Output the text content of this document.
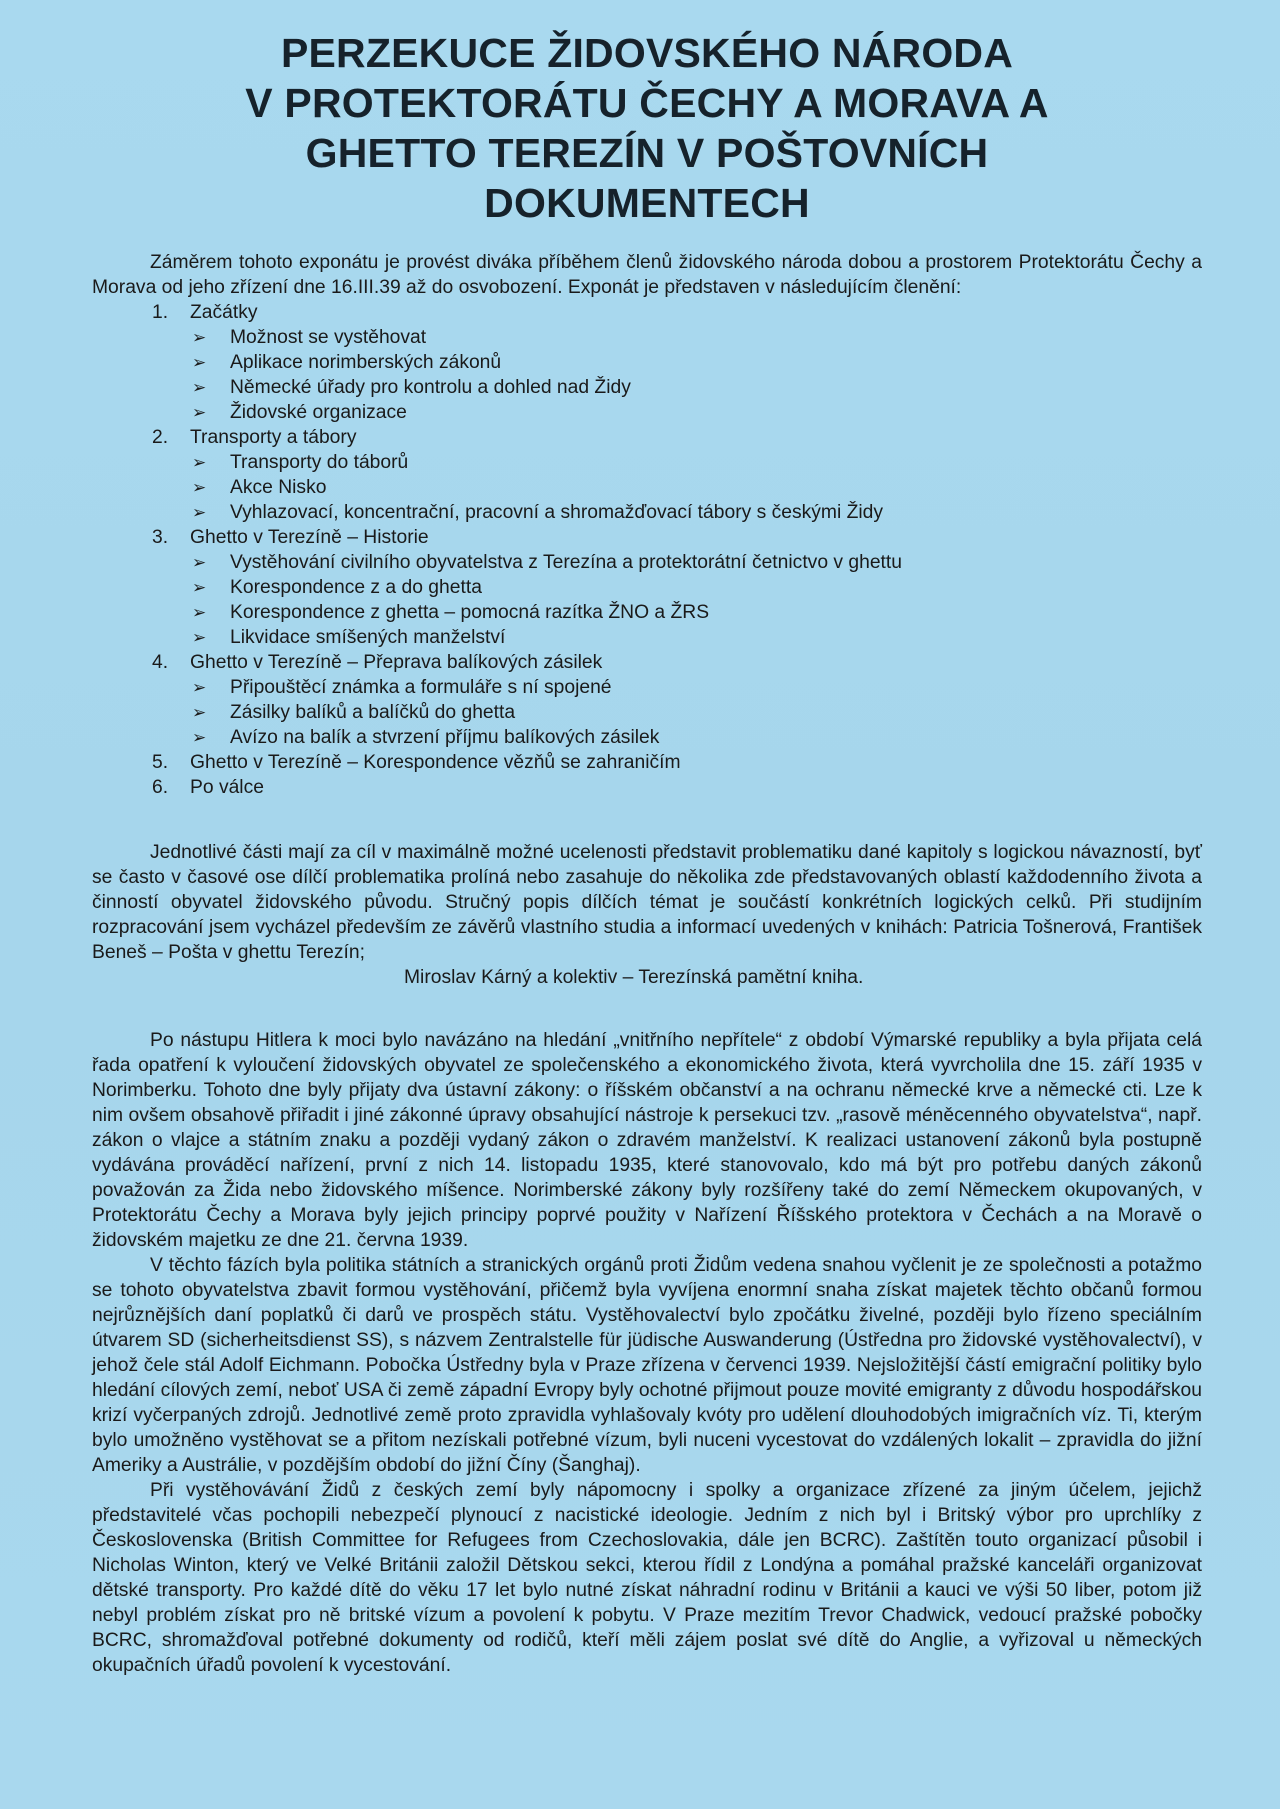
PERZEKUCE ŽIDOVSKÉHO NÁRODA
V PROTEKTORÁTU ČECHY A MORAVA A
GHETTO TEREZÍN V POŠTOVNÍCH
DOKUMENTECH

Záměrem tohoto exponátu je provést diváka příběhem členů židovského národa dobou a prostorem Protektorátu Čechy a Morava od jeho zřízení dne 16.III.39 až do osvobození. Exponát je představen v následujícím členění:

1.	Začátky
➢ Možnost se vystěhovat
➢ Aplikace norimberských zákonů
➢ Německé úřady pro kontrolu a dohled nad Židy
➢ Židovské organizace
2.	Transporty a tábory
➢ Transporty do táborů
➢ Akce Nisko
➢ Vyhlazovací, koncentrační, pracovní a shromažďovací tábory s českými Židy
3.	Ghetto v Terezíně – Historie
➢ Vystěhování civilního obyvatelstva z Terezína a protektorátní četnictvo v ghettu
➢ Korespondence z a do ghetta
➢ Korespondence z ghetta – pomocná razítka ŽNO a ŽRS
➢ Likvidace smíšených manželství
4.	Ghetto v Terezíně – Přeprava balíkových zásilek
➢ Připouštěcí známka a formuláře s ní spojené
➢ Zásilky balíků a balíčků do ghetta
➢ Avízo na balík a stvrzení příjmu balíkových zásilek
5.	Ghetto v Terezíně – Korespondence vězňů se zahraničím
6.	Po válce

Jednotlivé části mají za cíl v maximálně možné ucelenosti představit problematiku dané kapitoly s logickou návazností, byť se často v časové ose dílčí problematika prolíná nebo zasahuje do několika zde představovaných oblastí každodenního života a činností obyvatel židovského původu. Stručný popis dílčích témat je součástí konkrétních logických celků. Při studijním rozpracování jsem vycházel především ze závěrů vlastního studia a informací uvedených v knihách: Patricia Tošnerová, František Beneš – Pošta v ghettu Terezín;

Miroslav Kárný a kolektiv – Terezínská pamětní kniha.

Po nástupu Hitlera k moci bylo navázáno na hledání „vnitřního nepřítele“ z období Výmarské republiky a byla přijata celá řada opatření k vyloučení židovských obyvatel ze společenského a ekonomického života, která vyvrcholila dne 15. září 1935 v Norimberku. Tohoto dne byly přijaty dva ústavní zákony: o říšském občanství a na ochranu německé krve a německé cti. Lze k nim ovšem obsahově přiřadit i jiné zákonné úpravy obsahující nástroje k persekuci tzv. „rasově méněcenného obyvatelstva“, např. zákon o vlajce a státním znaku a později vydaný zákon o zdravém manželství. K realizaci ustanovení zákonů byla postupně vydávána prováděcí nařízení, první z nich 14. listopadu 1935, které stanovovalo, kdo má být pro potřebu daných zákonů považován za Žida nebo židovského míšence. Norimberské zákony byly rozšířeny také do zemí Německem okupovaných, v Protektorátu Čechy a Morava byly jejich principy poprvé použity v Nařízení Říšského protektora v Čechách a na Moravě o židovském majetku ze dne 21. června 1939.

V těchto fázích byla politika státních a stranických orgánů proti Židům vedena snahou vyčlenit je ze společnosti a potažmo se tohoto obyvatelstva zbavit formou vystěhování, přičemž byla vyvíjena enormní snaha získat majetek těchto občanů formou nejrůznějších daní poplatků či darů ve prospěch státu. Vystěhovalectví bylo zpočátku živelné, později bylo řízeno speciálním útvarem SD (sicherheitsdienst SS), s názvem Zentralstelle für jüdische Auswanderung (Ústředna pro židovské vystěhovalectví), v jehož čele stál Adolf Eichmann. Pobočka Ústředny byla v Praze zřízena v červenci 1939. Nejsložitější částí emigrační politiky bylo hledání cílových zemí, neboť USA či země západní Evropy byly ochotné přijmout pouze movité emigranty z důvodu hospodářskou krizí vyčerpaných zdrojů. Jednotlivé země proto zpravidla vyhlašovaly kvóty pro udělení dlouhodobých imigračních víz. Ti, kterým bylo umožněno vystěhovat se a přitom nezískali potřebné vízum, byli nuceni vycestovat do vzdálených lokalit – zpravidla do jižní Ameriky a Austrálie, v pozdějším období do jižní Číny (Šanghaj).

Při vystěhovávání Židů z českých zemí byly nápomocny i spolky a organizace zřízené za jiným účelem, jejichž představitelé včas pochopili nebezpečí plynoucí z nacistické ideologie. Jedním z nich byl i Britský výbor pro uprchlíky z Československa (British Committee for Refugees from Czechoslovakia, dále jen BCRC). Zaštítěn touto organizací působil i Nicholas Winton, který ve Velké Británii založil Dětskou sekci, kterou řídil z Londýna a pomáhal pražské kanceláři organizovat dětské transporty. Pro každé dítě do věku 17 let bylo nutné získat náhradní rodinu v Británii a kauci ve výši 50 liber, potom již nebyl problém získat pro ně britské vízum a povolení k pobytu. V Praze mezitím Trevor Chadwick, vedoucí pražské pobočky BCRC, shromažďoval potřebné dokumenty od rodičů, kteří měli zájem poslat své dítě do Anglie, a vyřizoval u německých okupačních úřadů povolení k vycestování.
